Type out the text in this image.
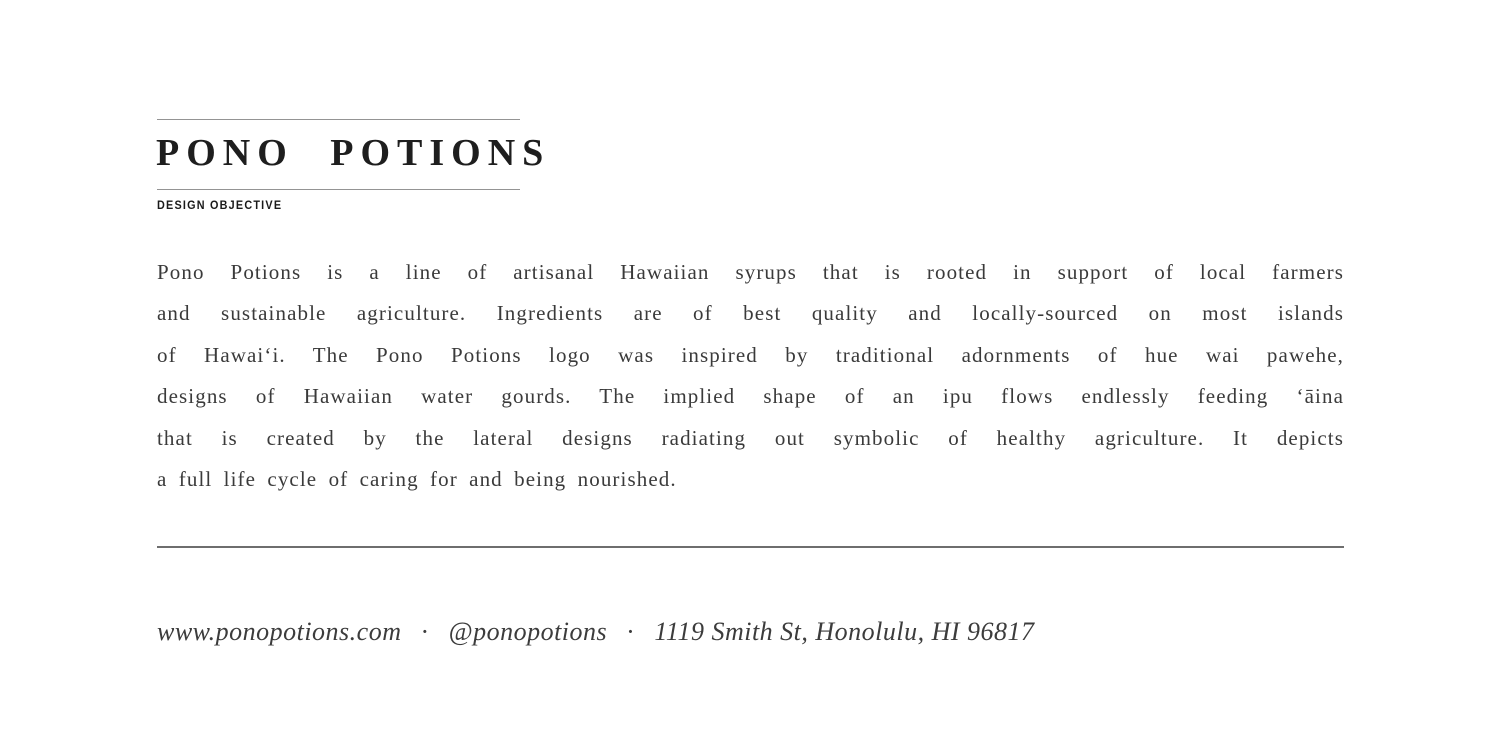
PONO POTIONS
DESIGN OBJECTIVE
Pono Potions is a line of artisanal Hawaiian syrups that is rooted in support of local farmers
and sustainable agriculture. Ingredients are of best quality and locally-sourced on most islands
of Hawaiʻi. The Pono Potions logo was inspired by traditional adornments of hue wai pawehe,
designs of Hawaiian water gourds. The implied shape of an ipu flows endlessly feeding ʻāina
that is created by the lateral designs radiating out symbolic of healthy agriculture. It depicts
a full life cycle of caring for and being nourished.
www.ponopotions.com · @ponopotions · 1119 Smith St, Honolulu, HI 96817
